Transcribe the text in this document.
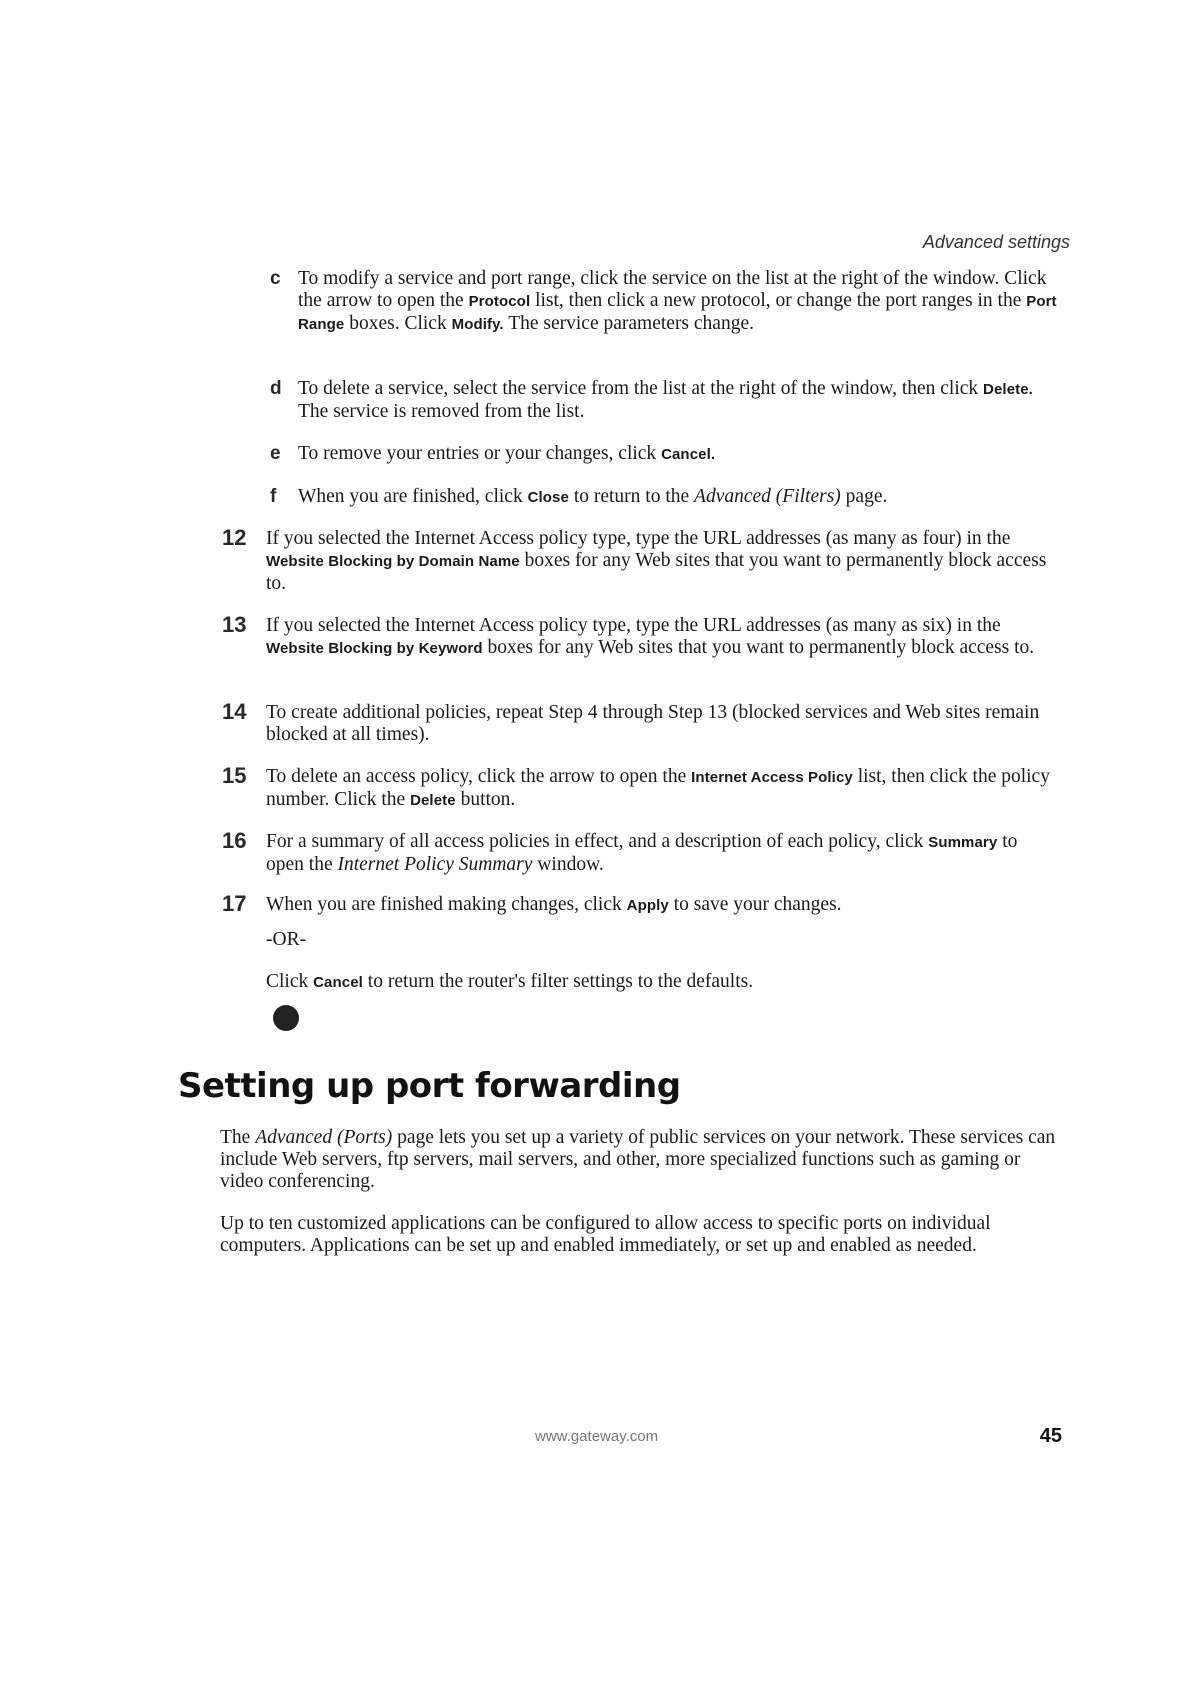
Advanced settings
c To modify a service and port range, click the service on the list at the right of the window. Click the arrow to open the Protocol list, then click a new protocol, or change the port ranges in the Port Range boxes. Click Modify. The service parameters change.
d To delete a service, select the service from the list at the right of the window, then click Delete. The service is removed from the list.
e To remove your entries or your changes, click Cancel.
f When you are finished, click Close to return to the Advanced (Filters) page.
12 If you selected the Internet Access policy type, type the URL addresses (as many as four) in the Website Blocking by Domain Name boxes for any Web sites that you want to permanently block access to.
13 If you selected the Internet Access policy type, type the URL addresses (as many as six) in the Website Blocking by Keyword boxes for any Web sites that you want to permanently block access to.
14 To create additional policies, repeat Step 4 through Step 13 (blocked services and Web sites remain blocked at all times).
15 To delete an access policy, click the arrow to open the Internet Access Policy list, then click the policy number. Click the Delete button.
16 For a summary of all access policies in effect, and a description of each policy, click Summary to open the Internet Policy Summary window.
17 When you are finished making changes, click Apply to save your changes.
-OR-
Click Cancel to return the router's filter settings to the defaults.
Setting up port forwarding

The Advanced (Ports) page lets you set up a variety of public services on your network. These services can include Web servers, ftp servers, mail servers, and other, more specialized functions such as gaming or video conferencing.

Up to ten customized applications can be configured to allow access to specific ports on individual computers. Applications can be set up and enabled immediately, or set up and enabled as needed.

www.gateway.com	45
